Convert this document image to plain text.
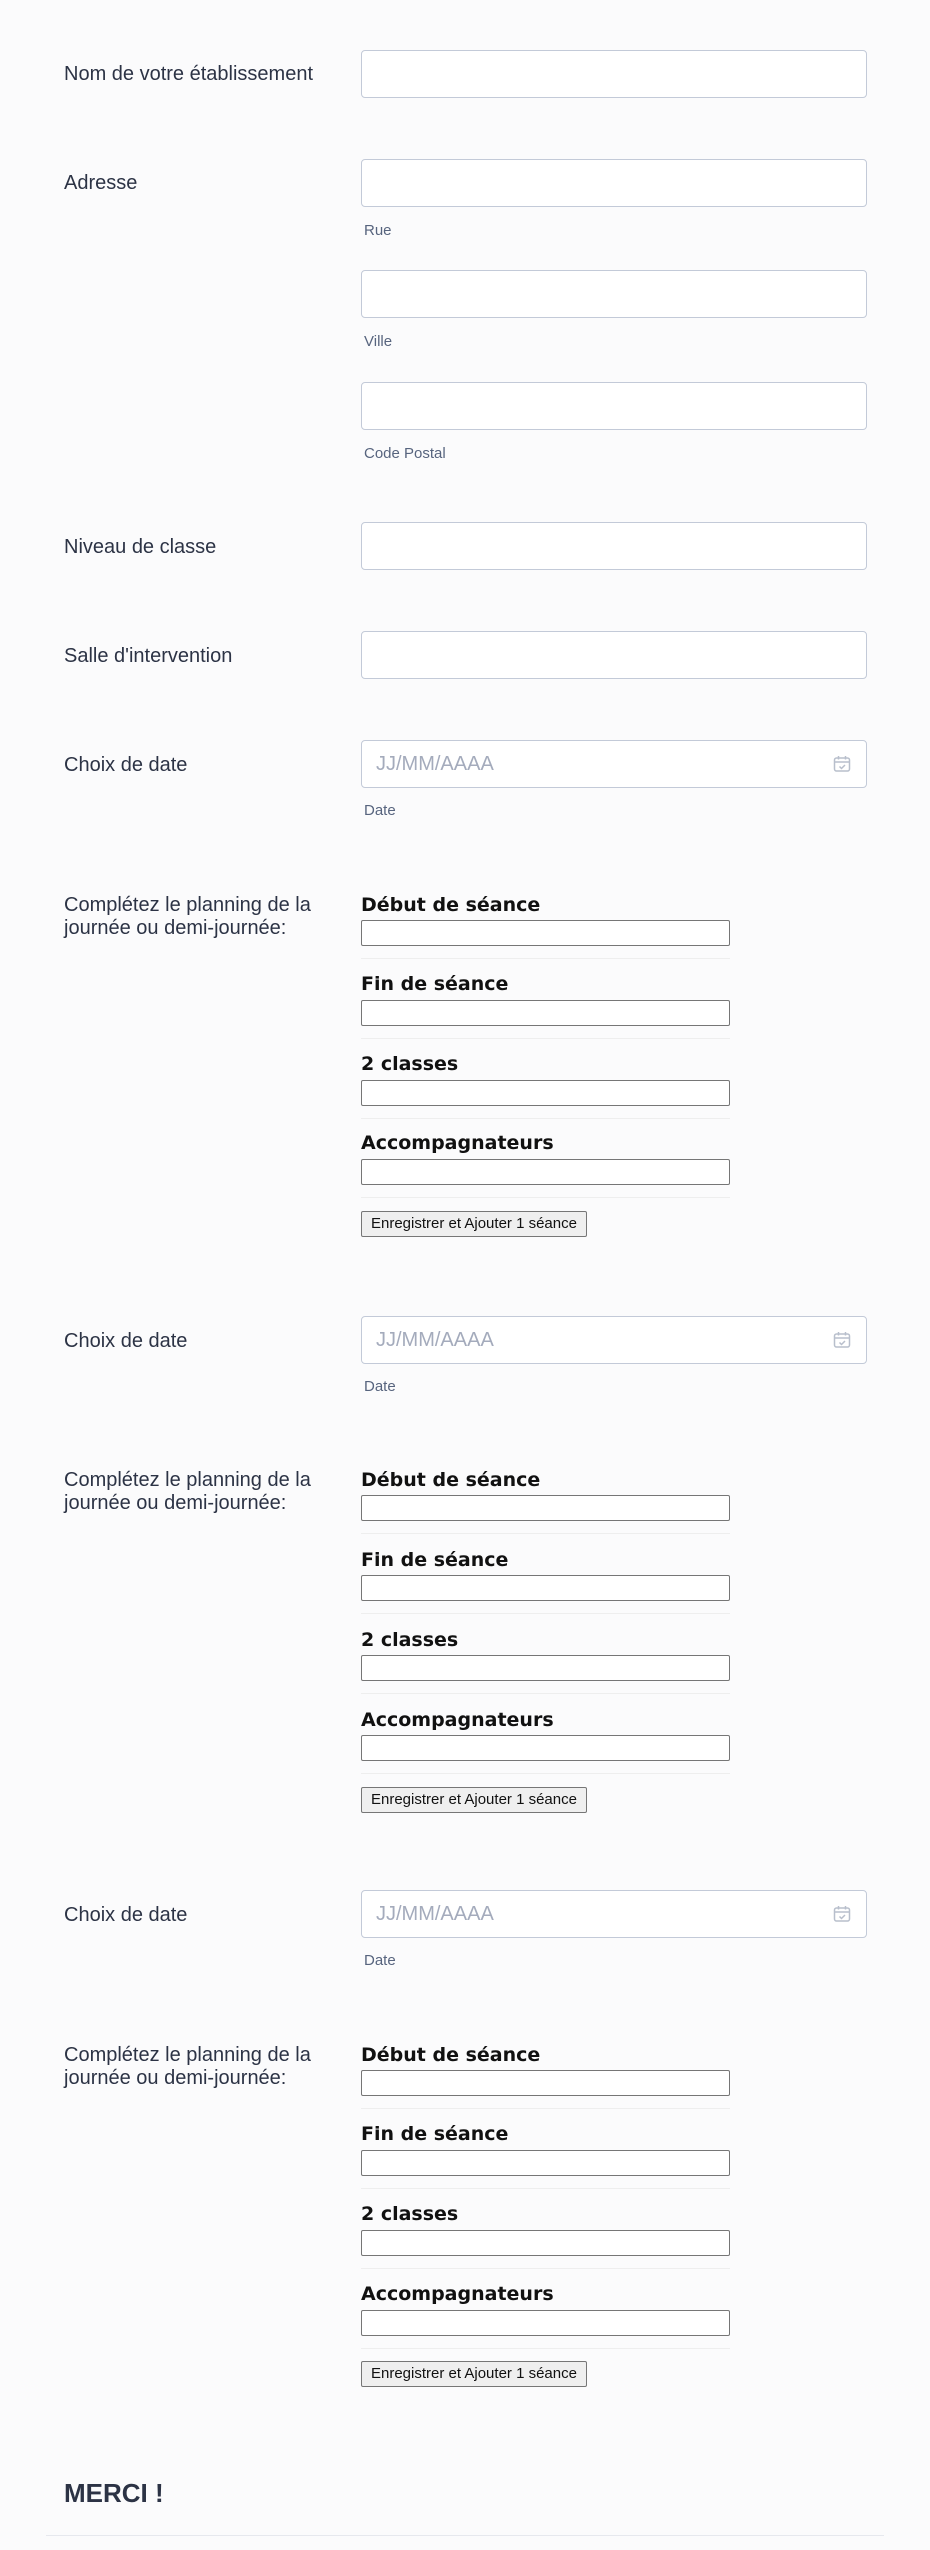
Nom de votre établissement
Adresse
Rue
Ville
Code Postal
Niveau de classe
Salle d'intervention
Choix de date	JJ/MM/AAAA
Date
Complétez le planning de la journée ou demi-journée:
Début de séance
Fin de séance
2 classes
Accompagnateurs
Enregistrer et Ajouter 1 séance
Choix de date	JJ/MM/AAAA
Date
Complétez le planning de la journée ou demi-journée:
Début de séance
Fin de séance
2 classes
Accompagnateurs
Enregistrer et Ajouter 1 séance
Choix de date	JJ/MM/AAAA
Date
Complétez le planning de la journée ou demi-journée:
Début de séance
Fin de séance
2 classes
Accompagnateurs
Enregistrer et Ajouter 1 séance
MERCI !
